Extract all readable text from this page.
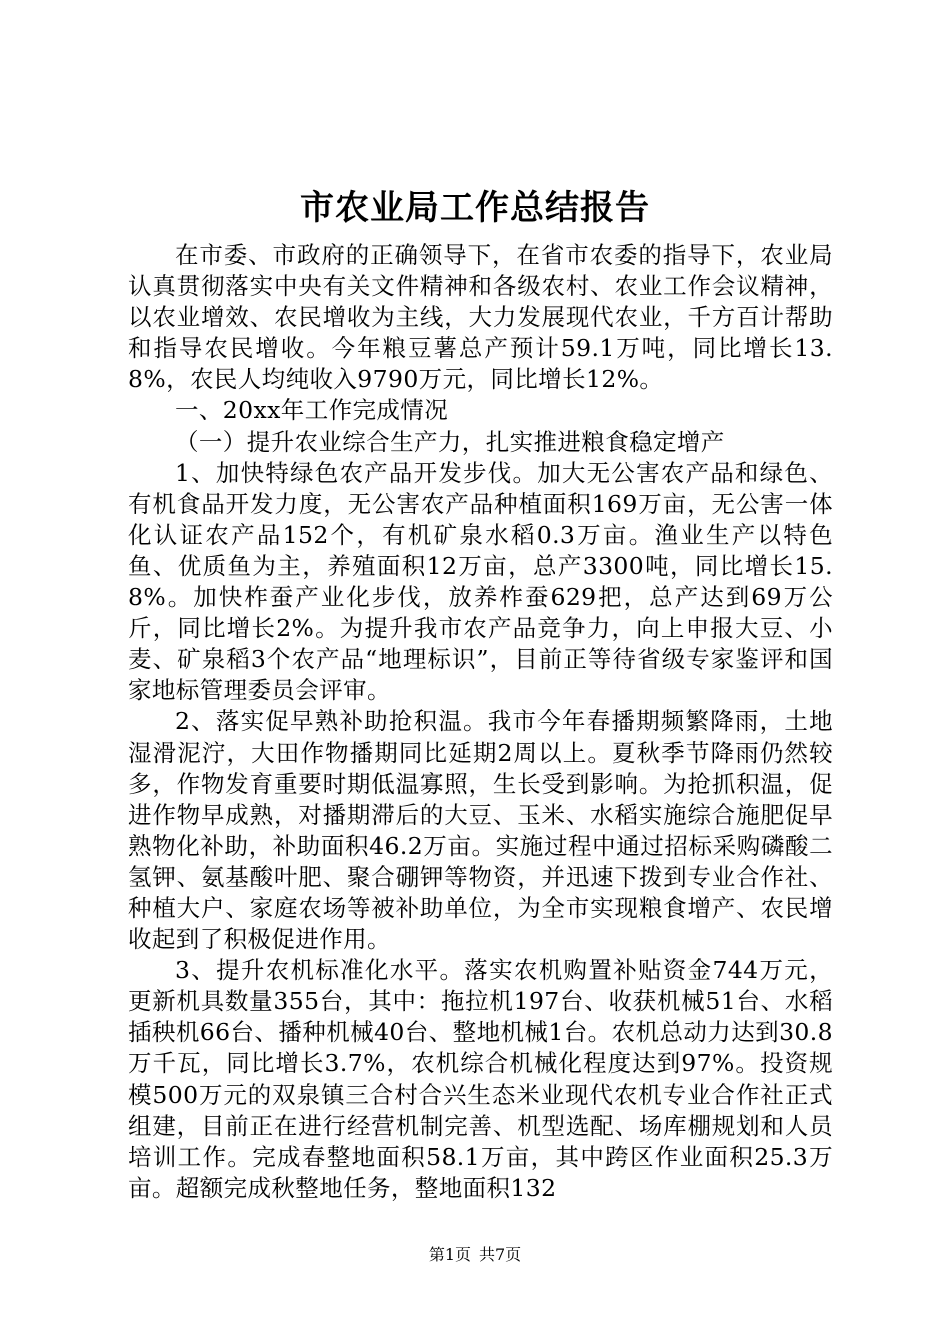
市农业局工作总结报告

在市委、市政府的正确领导下，在省市农委的指导下，农业局认真贯彻落实中央有关文件精神和各级农村、农业工作会议精神，以农业增效、农民增收为主线，大力发展现代农业，千方百计帮助和指导农民增收。今年粮豆薯总产预计59.1万吨，同比增长13.8%，农民人均纯收入9790万元，同比增长12%。

一、20xx年工作完成情况

（一）提升农业综合生产力，扎实推进粮食稳定增产

1、加快特绿色农产品开发步伐。加大无公害农产品和绿色、有机食品开发力度，无公害农产品种植面积169万亩，无公害一体化认证农产品152个，有机矿泉水稻0.3万亩。渔业生产以特色鱼、优质鱼为主，养殖面积12万亩，总产3300吨，同比增长15.8%。加快柞蚕产业化步伐，放养柞蚕629把，总产达到69万公斤，同比增长2%。为提升我市农产品竞争力，向上申报大豆、小麦、矿泉稻3个农产品“地理标识”，目前正等待省级专家鉴评和国家地标管理委员会评审。

2、落实促早熟补助抢积温。我市今年春播期频繁降雨，土地湿滑泥泞，大田作物播期同比延期2周以上。夏秋季节降雨仍然较多，作物发育重要时期低温寡照，生长受到影响。为抢抓积温，促进作物早成熟，对播期滞后的大豆、玉米、水稻实施综合施肥促早熟物化补助，补助面积46.2万亩。实施过程中通过招标采购磷酸二氢钾、氨基酸叶肥、聚合硼钾等物资，并迅速下拨到专业合作社、种植大户、家庭农场等被补助单位，为全市实现粮食增产、农民增收起到了积极促进作用。

3、提升农机标准化水平。落实农机购置补贴资金744万元，更新机具数量355台，其中：拖拉机197台、收获机械51台、水稻插秧机66台、播种机械40台、整地机械1台。农机总动力达到30.8万千瓦，同比增长3.7%，农机综合机械化程度达到97%。投资规模500万元的双泉镇三合村合兴生态米业现代农机专业合作社正式组建，目前正在进行经营机制完善、机型选配、场库棚规划和人员培训工作。完成春整地面积58.1万亩，其中跨区作业面积25.3万亩。超额完成秋整地任务，整地面积132

第1页 共7页
